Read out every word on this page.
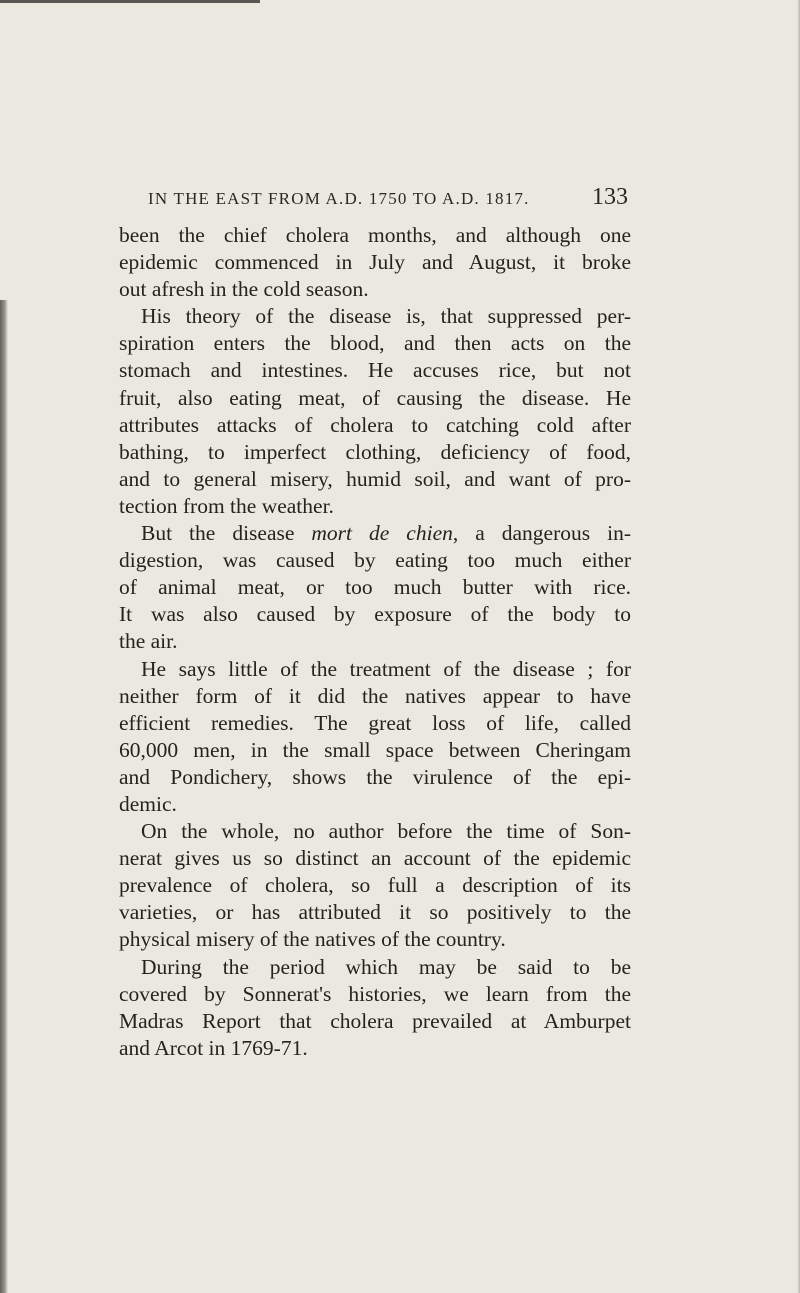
IN THE EAST FROM A.D. 1750 TO A.D. 1817.	133
been the chief cholera months, and although one
epidemic commenced in July and August, it broke
out afresh in the cold season.
His theory of the disease is, that suppressed per-
spiration enters the blood, and then acts on the
stomach and intestines. He accuses rice, but not
fruit, also eating meat, of causing the disease. He
attributes attacks of cholera to catching cold after
bathing, to imperfect clothing, deficiency of food,
and to general misery, humid soil, and want of pro-
tection from the weather.
But the disease mort de chien, a dangerous in-
digestion, was caused by eating too much either
of animal meat, or too much butter with rice.
It was also caused by exposure of the body to
the air.
He says little of the treatment of the disease ; for
neither form of it did the natives appear to have
efficient remedies. The great loss of life, called
60,000 men, in the small space between Cheringam
and Pondichery, shows the virulence of the epi-
demic.
On the whole, no author before the time of Son-
nerat gives us so distinct an account of the epidemic
prevalence of cholera, so full a description of its
varieties, or has attributed it so positively to the
physical misery of the natives of the country.
During the period which may be said to be
covered by Sonnerat's histories, we learn from the
Madras Report that cholera prevailed at Amburpet
and Arcot in 1769-71.
